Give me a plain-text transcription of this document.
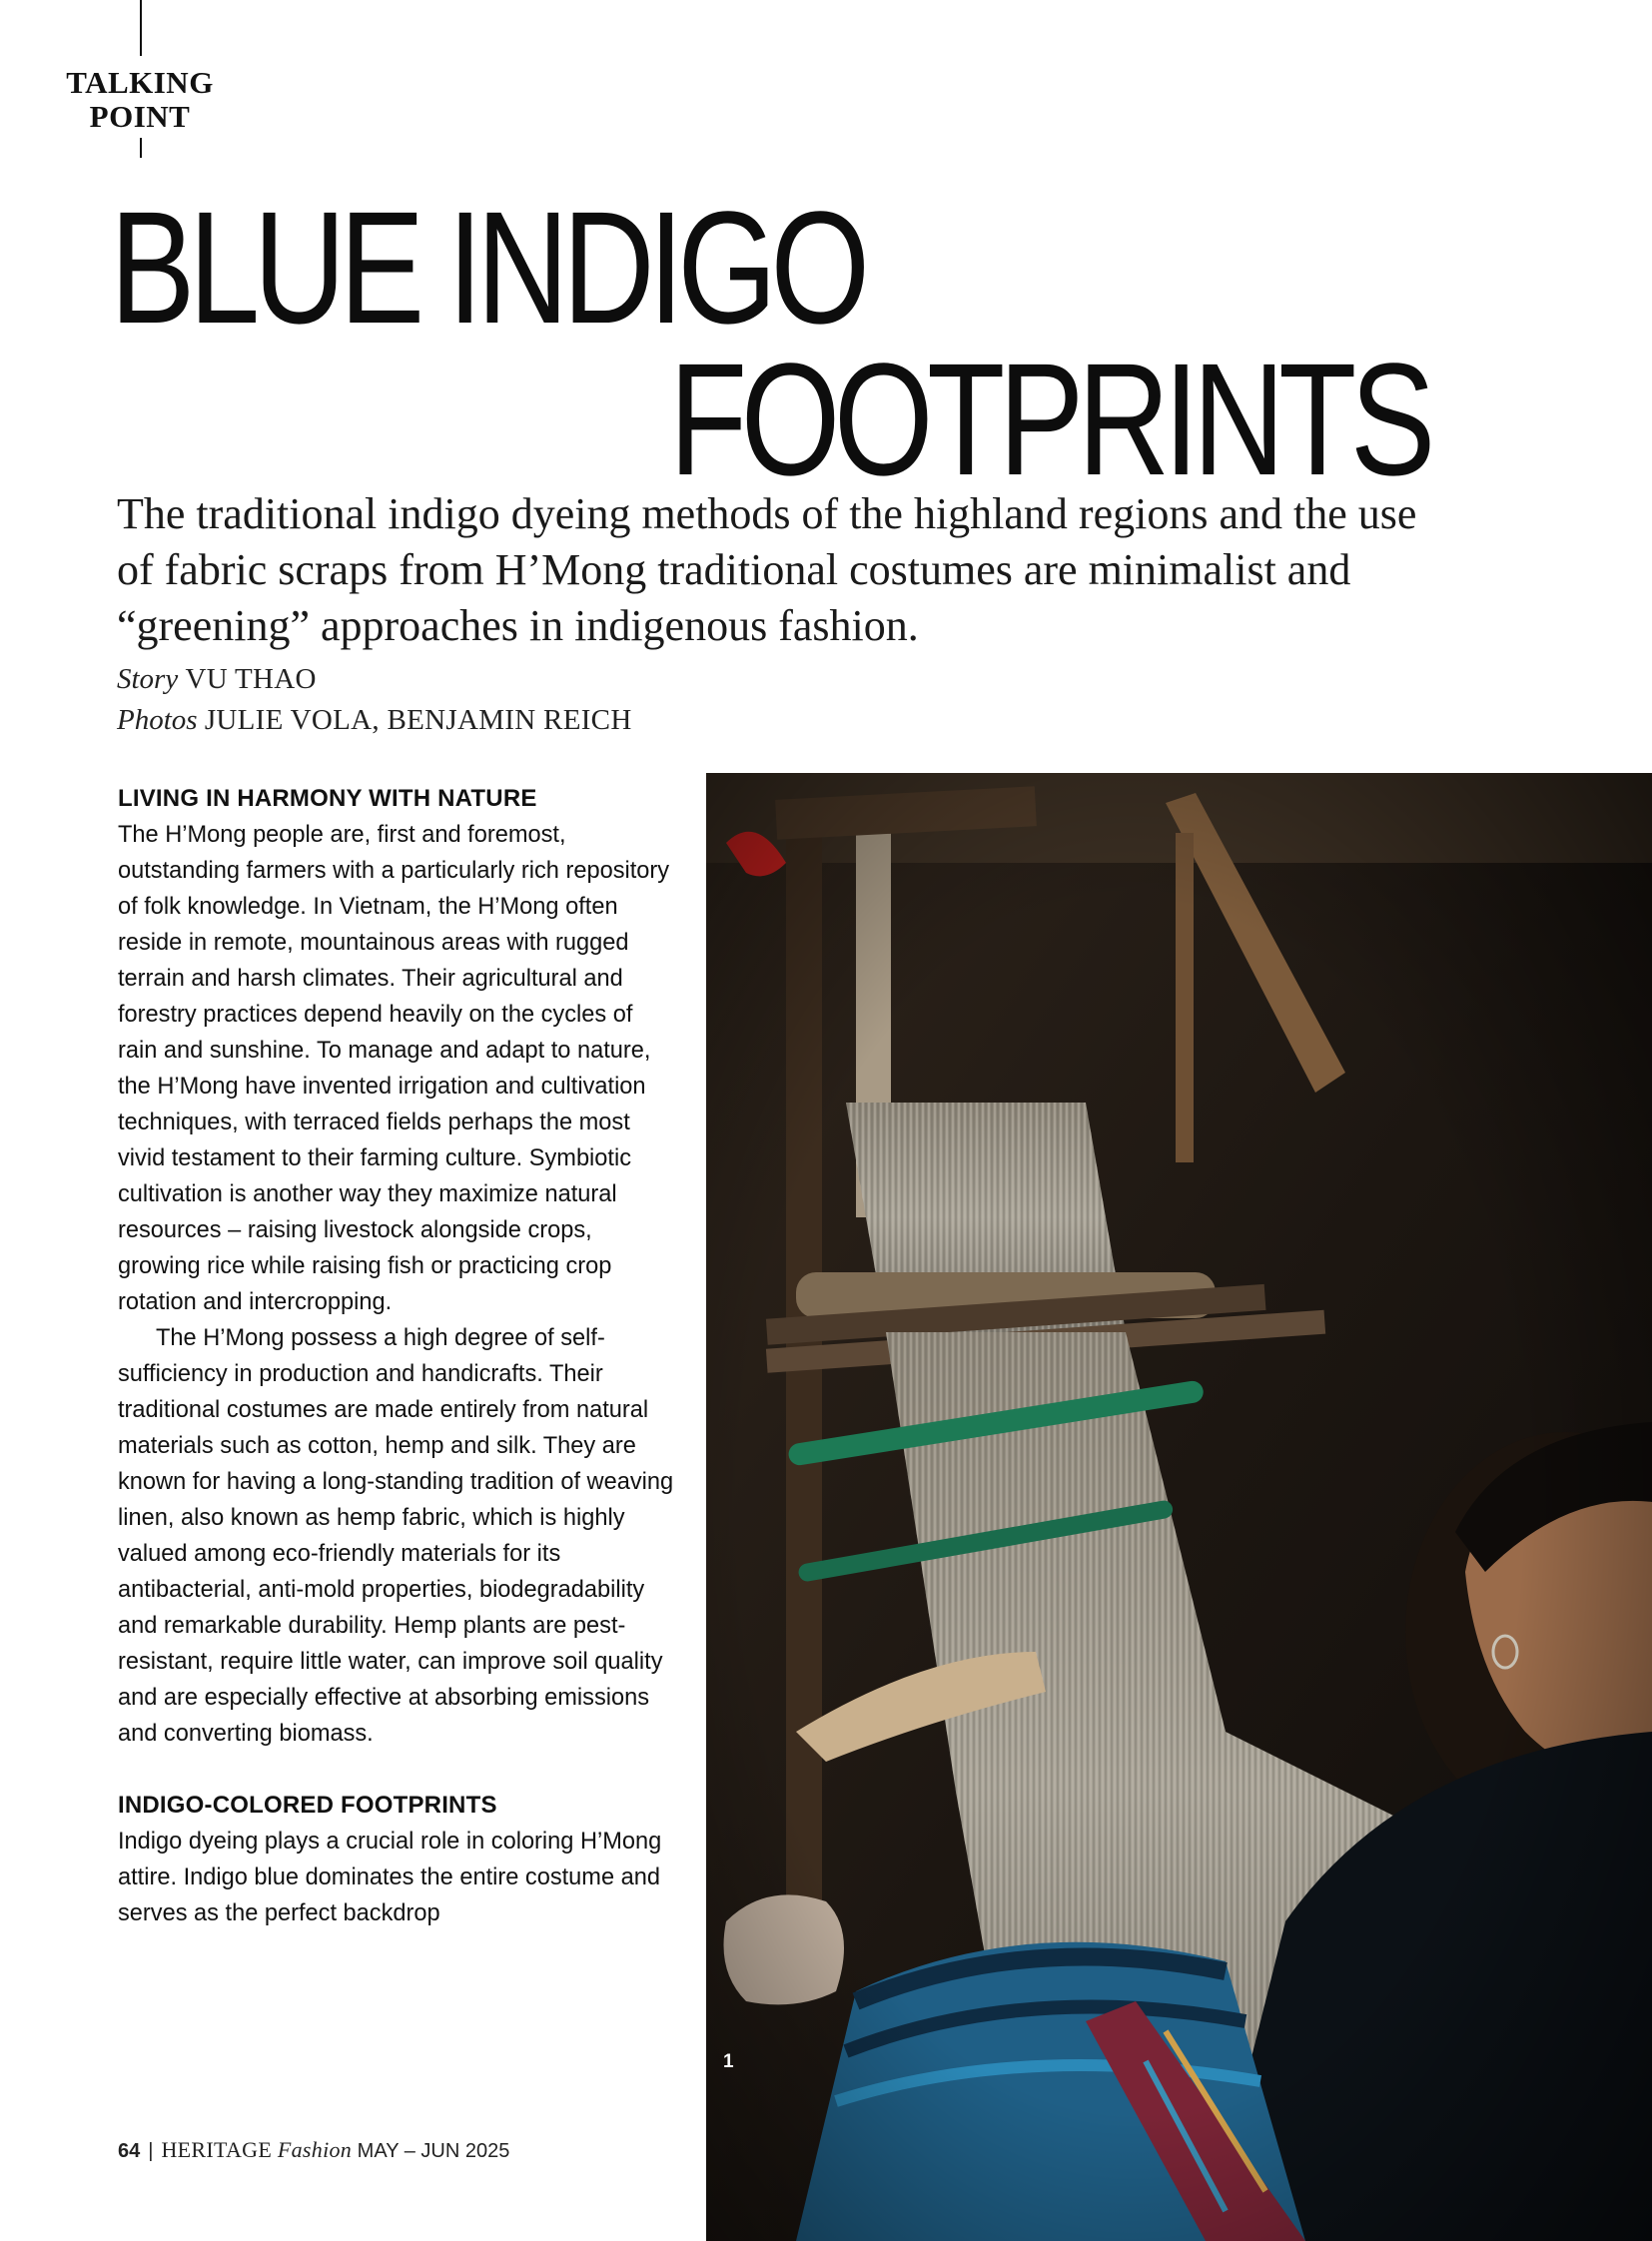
TALKING
POINT
BLUE INDIGO
FOOTPRINTS

The traditional indigo dyeing methods of the highland regions and the use of fabric scraps from H’Mong traditional costumes are minimalist and “greening” approaches in indigenous fashion.

Story VU THAO
Photos JULIE VOLA, BENJAMIN REICH
LIVING IN HARMONY WITH NATURE

The H’Mong people are, first and foremost, outstanding farmers with a particularly rich repository of folk knowledge. In Vietnam, the H’Mong often reside in remote, mountainous areas with rugged terrain and harsh climates. Their agricultural and forestry practices depend heavily on the cycles of rain and sunshine. To manage and adapt to nature, the H’Mong have invented irrigation and cultivation techniques, with terraced fields perhaps the most vivid testament to their farming culture. Symbiotic cultivation is another way they maximize natural resources – raising livestock alongside crops, growing rice while raising fish or practicing crop rotation and intercropping.

The H’Mong possess a high degree of self-sufficiency in production and handicrafts. Their traditional costumes are made entirely from natural materials such as cotton, hemp and silk. They are known for having a long-standing tradition of weaving linen, also known as hemp fabric, which is highly valued among eco-friendly materials for its antibacterial, anti-mold properties, biodegradability and remarkable durability. Hemp plants are pest-resistant, require little water, can improve soil quality and are especially effective at absorbing emissions and converting biomass.

INDIGO-COLORED FOOTPRINTS

Indigo dyeing plays a crucial role in coloring H’Mong attire. Indigo blue dominates the entire costume and serves as the perfect backdrop

1
64 | HERITAGE Fashion MAY – JUN 2025
